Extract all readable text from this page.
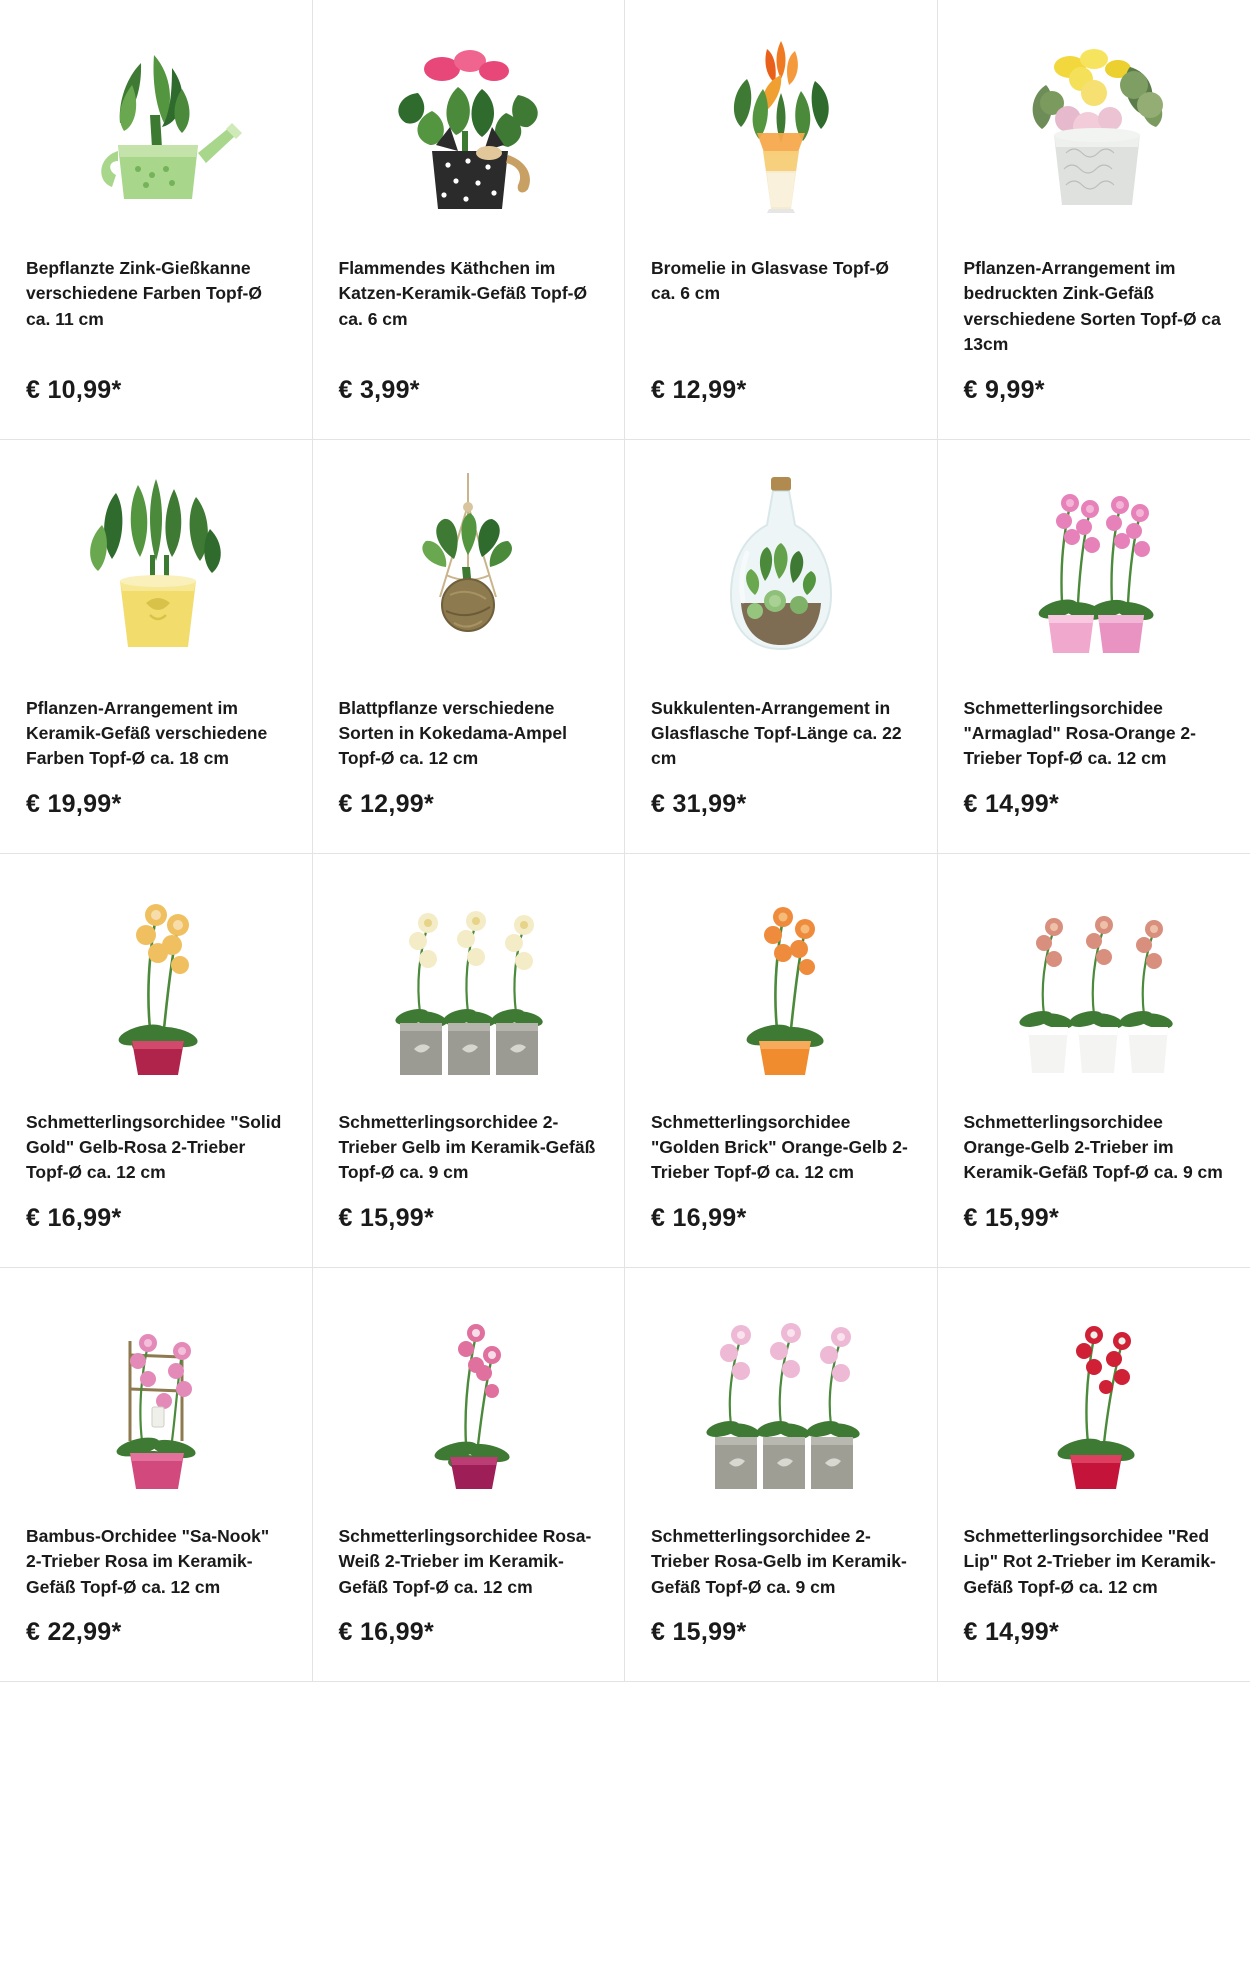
Bepflanzte Zink-Gießkanne verschiedene Farben Topf-Ø ca. 11 cm
€ 10,99*
Flammendes Käthchen im Katzen-Keramik-Gefäß Topf-Ø ca. 6 cm
€ 3,99*
Bromelie in Glasvase Topf-Ø ca. 6 cm
€ 12,99*
Pflanzen-Arrangement im bedruckten Zink-Gefäß verschiedene Sorten Topf-Ø ca 13cm
€ 9,99*
Pflanzen-Arrangement im Keramik-Gefäß verschiedene Farben Topf-Ø ca. 18 cm
€ 19,99*
Blattpflanze verschiedene Sorten in Kokedama-Ampel Topf-Ø ca. 12 cm
€ 12,99*
Sukkulenten-Arrangement in Glasflasche Topf-Länge ca. 22 cm
€ 31,99*
Schmetterlingsorchidee "Armaglad" Rosa-Orange 2-Trieber Topf-Ø ca. 12 cm
€ 14,99*
Schmetterlingsorchidee "Solid Gold" Gelb-Rosa 2-Trieber Topf-Ø ca. 12 cm
€ 16,99*
Schmetterlingsorchidee 2-Trieber Gelb im Keramik-Gefäß Topf-Ø ca. 9 cm
€ 15,99*
Schmetterlingsorchidee "Golden Brick" Orange-Gelb 2-Trieber Topf-Ø ca. 12 cm
€ 16,99*
Schmetterlingsorchidee Orange-Gelb 2-Trieber im Keramik-Gefäß Topf-Ø ca. 9 cm
€ 15,99*
Bambus-Orchidee "Sa-Nook" 2-Trieber Rosa im Keramik-Gefäß Topf-Ø ca. 12 cm
€ 22,99*
Schmetterlingsorchidee Rosa-Weiß 2-Trieber im Keramik-Gefäß Topf-Ø ca. 12 cm
€ 16,99*
Schmetterlingsorchidee 2-Trieber Rosa-Gelb im Keramik-Gefäß Topf-Ø ca. 9 cm
€ 15,99*
Schmetterlingsorchidee "Red Lip" Rot 2-Trieber im Keramik-Gefäß Topf-Ø ca. 12 cm
€ 14,99*
